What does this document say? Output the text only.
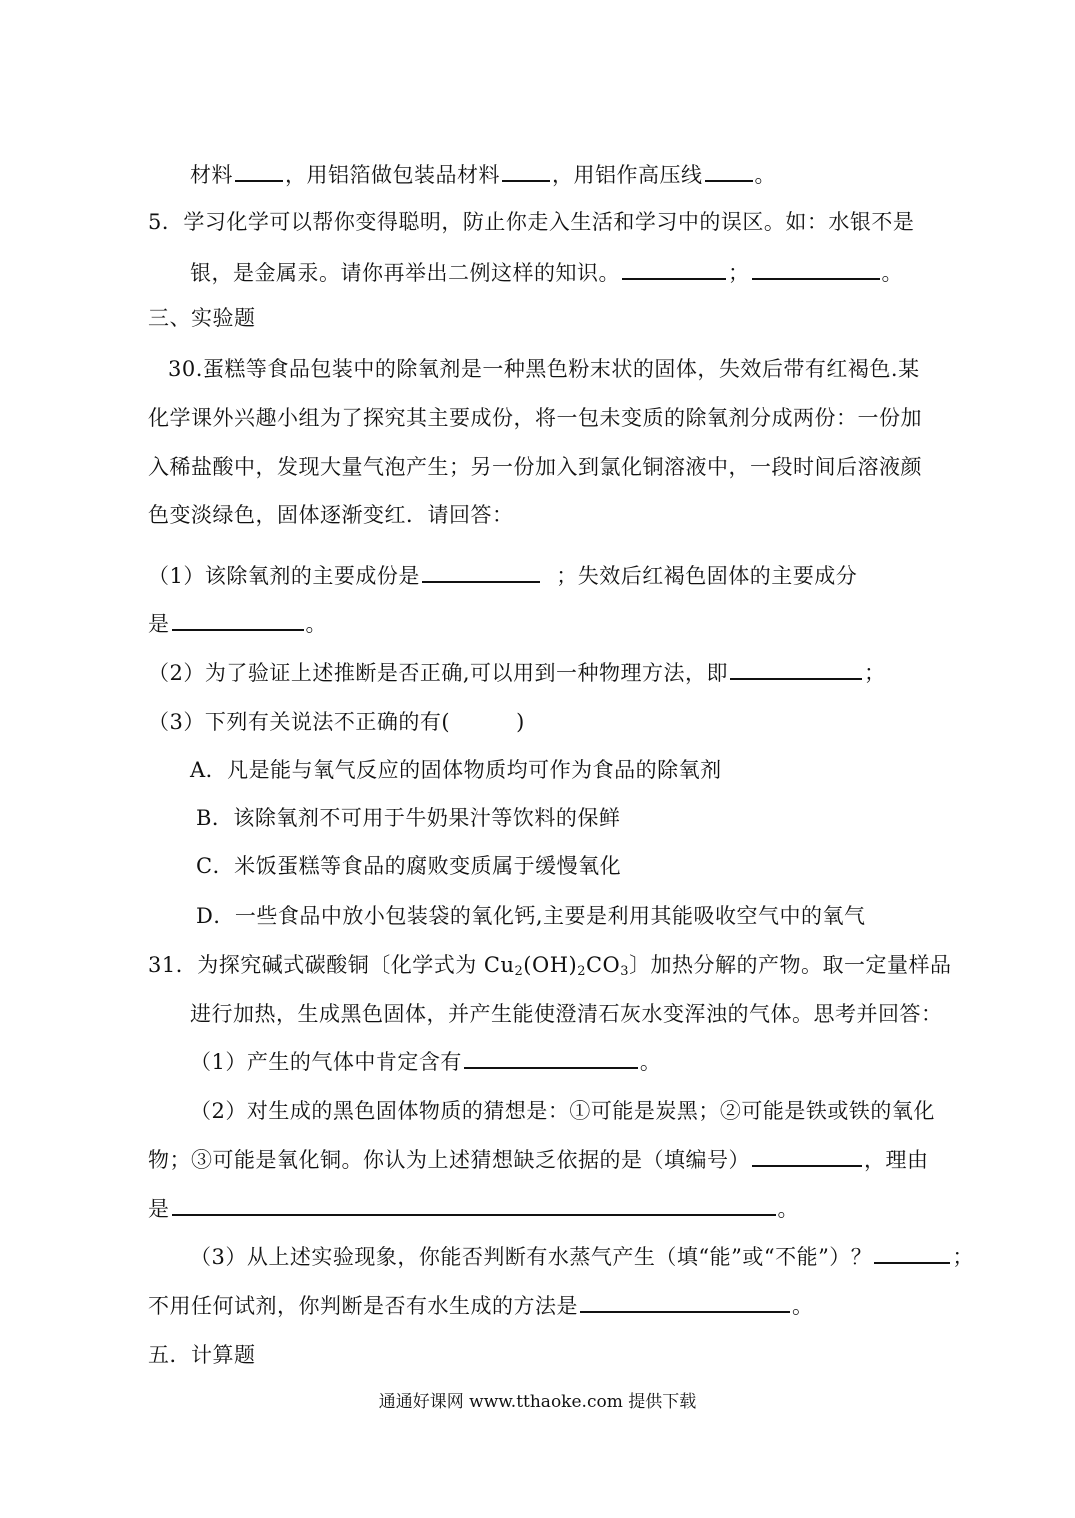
材料 ，用铝箔做包装品材料 ，用铝作高压线 。
5．学习化学可以帮你变得聪明，防止你走入生活和学习中的误区。如：水银不是
银，是金属汞。请你再举出二例这样的知识。	；	。
三、实验题
30.蛋糕等食品包装中的除氧剂是一种黑色粉末状的固体，失效后带有红褐色.某
化学课外兴趣小组为了探究其主要成份，将一包未变质的除氧剂分成两份：一份加
入稀盐酸中，发现大量气泡产生；另一份加入到氯化铜溶液中，一段时间后溶液颜
色变淡绿色，固体逐渐变红．请回答：
（1）该除氧剂的主要成份是	；失效后红褐色固体的主要成分
是	。
（2）为了验证上述推断是否正确,可以用到一种物理方法，即	；
（3）下列有关说法不正确的有(	)
A．凡是能与氧气反应的固体物质均可作为食品的除氧剂
B．该除氧剂不可用于牛奶果汁等饮料的保鲜
C．米饭蛋糕等食品的腐败变质属于缓慢氧化
D．一些食品中放小包装袋的氧化钙,主要是利用其能吸收空气中的氧气
31．为探究碱式碳酸铜〔化学式为 $Cu_2(OH)_2CO_3$〕加热分解的产物。取一定量样品
进行加热，生成黑色固体，并产生能使澄清石灰水变浑浊的气体。思考并回答：
（1）产生的气体中肯定含有	。
（2）对生成的黑色固体物质的猜想是：①可能是炭黑；②可能是铁或铁的氧化
物；③可能是氧化铜。你认为上述猜想缺乏依据的是（填编号）	，理由
是	。
（3）从上述实验现象，你能否判断有水蒸气产生（填“能”或“不能”）？	；
不用任何试剂，你判断是否有水生成的方法是	。
五．计算题
通通好课网 www.tthaoke.com 提供下载
